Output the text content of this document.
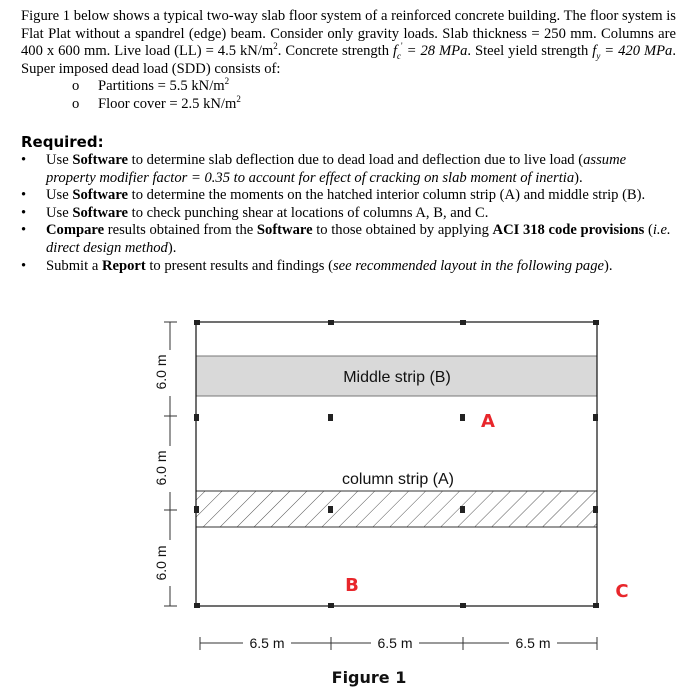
Figure 1 below shows a typical two-way slab floor system of a reinforced concrete building. The floor system is Flat Plat without a spandrel (edge) beam. Consider only gravity loads. Slab thickness = 250 mm. Columns are 400 x 600 mm. Live load (LL) = 4.5 $kN/m^2$. Concrete strength $f_c' = 28$ MPa. Steel yield strength $f_y = 420$ MPa. Super imposed dead load (SDD) consists of:

o Partitions = 5.5 $kN/m^2$
o Floor cover = 2.5 $kN/m^2$
Required:
• Use Software to determine slab deflection due to dead load and deflection due to live load (assume property modifier factor = 0.35 to account for effect of cracking on slab moment of inertia).
• Use Software to determine the moments on the hatched interior column strip (A) and middle strip (B).
• Use Software to check punching shear at locations of columns A, B, and C.
• Compare results obtained from the Software to those obtained by applying ACI 318 code provisions (i.e. direct design method).
• Submit a Report to present results and findings (see recommended layout in the following page).
Middle strip (B)
column strip (A)
A
B	C
6.0 m
6.0 m
6.0 m
6.5 m	6.5 m	6.5 m
Figure 1
